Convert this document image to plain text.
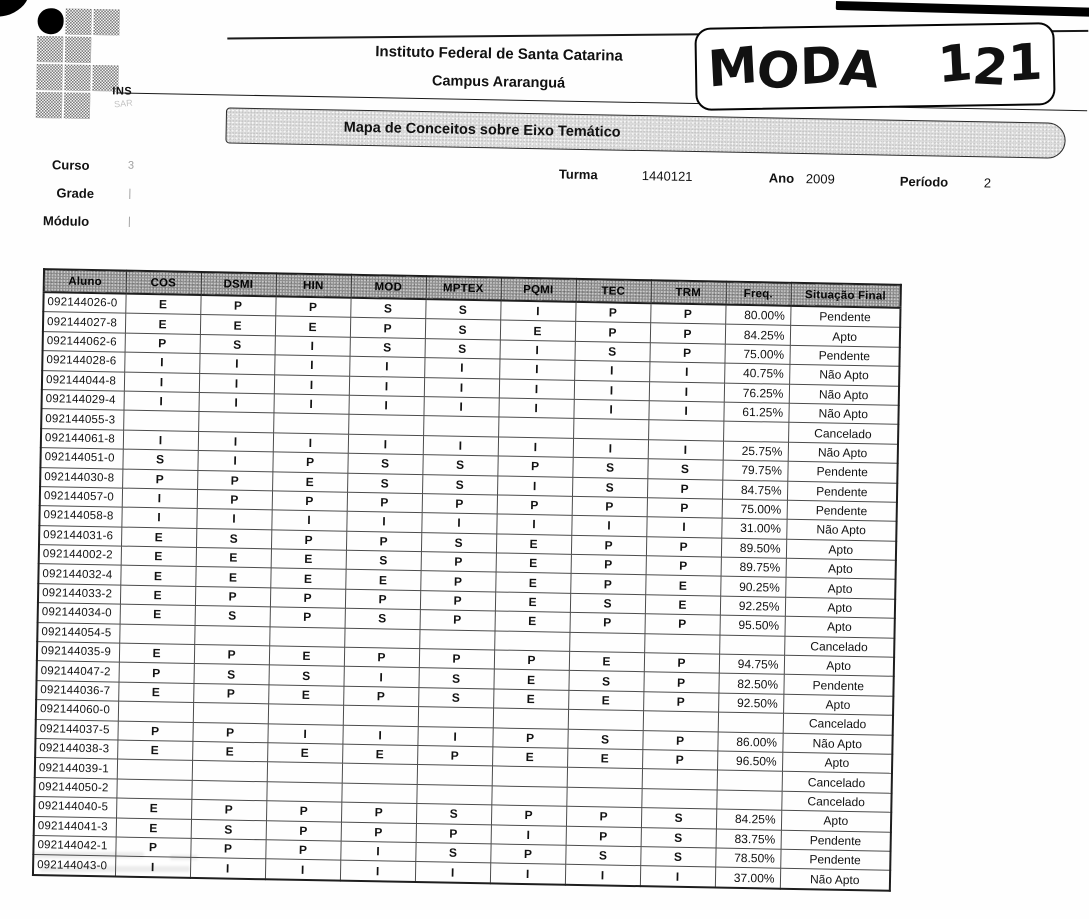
M
O
D
A 1
2
1
INS
SAR
Instituto Federal de Santa Catarina
Campus Araranguá
Mapa de Conceitos sobre Eixo Temático
Curso	3
Grade	|
Módulo	|
Turma	1440121	Ano 2009	Período	2
Aluno	COS	DSMI	HIN	MOD	MPTEX	PQMI	TEC	TRM	Freq.	Situação Final
092144026-0	E	P	P	S	S	I	P	P	80.00%	Pendente
092144027-8	E	E	E	P	S	E	P	P	84.25%	Apto
092144062-6	P	S	I	S	S	I	S	P	75.00%	Pendente
092144028-6	I	I	I	I	I	I	I	I	40.75%	Não Apto
092144044-8	I	I	I	I	I	I	I	I	76.25%	Não Apto
092144029-4	I	I	I	I	I	I	I	I	61.25%	Não Apto
092144055-3										Cancelado
092144061-8	I	I	I	I	I	I	I	I	25.75%	Não Apto
092144051-0	S	I	P	S	S	P	S	S	79.75%	Pendente
092144030-8	P	P	E	S	S	I	S	P	84.75%	Pendente
092144057-0	I	P	P	P	P	P	P	P	75.00%	Pendente
092144058-8	I	I	I	I	I	I	I	I	31.00%	Não Apto
092144031-6	E	S	P	P	S	E	P	P	89.50%	Apto
092144002-2	E	E	E	S	P	E	P	P	89.75%	Apto
092144032-4	E	E	E	E	P	E	P	E	90.25%	Apto
092144033-2	E	P	P	P	P	E	S	E	92.25%	Apto
092144034-0	E	S	P	S	P	E	P	P	95.50%	Apto
092144054-5										Cancelado
092144035-9	E	P	E	P	P	P	E	P	94.75%	Apto
092144047-2	P	S	S	I	S	E	S	P	82.50%	Pendente
092144036-7	E	P	E	P	S	E	E	P	92.50%	Apto
092144060-0										Cancelado
092144037-5	P	P	I	I	I	P	S	P	86.00%	Não Apto
092144038-3	E	E	E	E	P	E	E	P	96.50%	Apto
092144039-1										Cancelado
092144050-2										Cancelado
092144040-5	E	P	P	P	S	P	P	S	84.25%	Apto
092144041-3	E	S	P	P	P	I	P	S	83.75%	Pendente
092144042-1	P	P	P	I	S	P	S	S	78.50%	Pendente
092144043-0	I	I	I	I	I	I	I	I	37.00%	Não Apto
